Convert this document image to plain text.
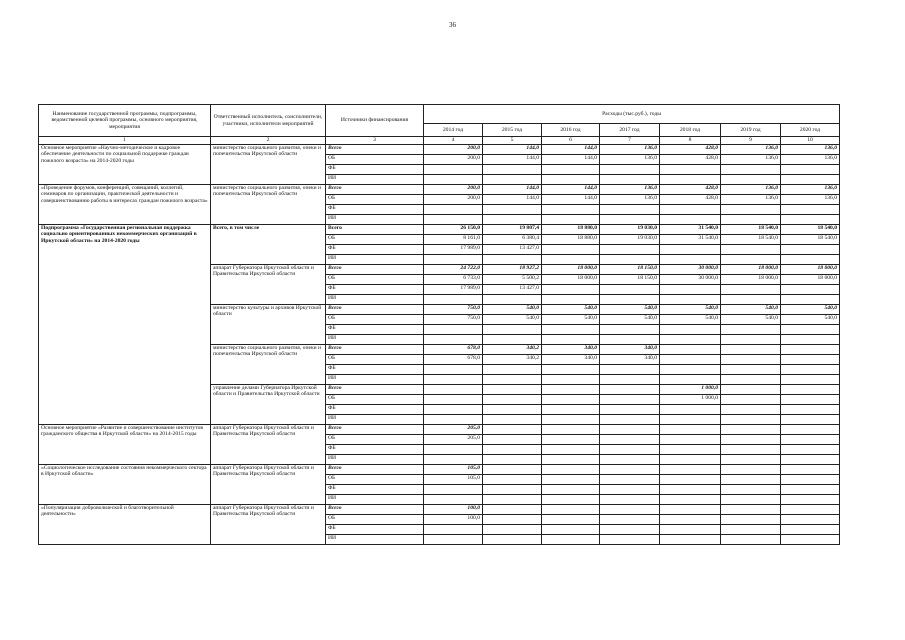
36
Наименование государственной программы, подпрограммы, ведомственной целевой программы, основного мероприятия, мероприятия	Ответственный исполнитель, соисполнители, участники, исполнители мероприятий	Источники финансирования	Расходы (тыс.руб.), годы						
			2014 год	2015 год	2016 год	2017 год	2018 год	2019 год	2020 год
1	2	3	4	5	6	7	8	9	10
Основное мероприятие «Научно-методическое и кадровое обеспечение деятельности по социальной поддержке граждан пожилого возраста» на 2014-2020 годы	министерство социального развития, опеки и попечительства Иркутской области	Всего	200,0	144,0	144,0	136,0	428,0	136,0	136,0
		ОБ	200,0	144,0	144,0	136,0	428,0	136,0	136,0
		ФБ							
		ИИ							
«Проведение форумов, конференций, совещаний, коллегий, семинаров по организации, практической деятельности и совершенствованию работы в интересах граждан пожилого возраста»	министерство социального развития, опеки и попечительства Иркутской области	Всего	200,0	144,0	144,0	136,0	428,0	136,0	136,0
		ОБ	200,0	144,0	144,0	136,0	428,0	136,0	136,0
		ФБ							
		ИИ							
Подпрограмма «Государственная региональная поддержка социально ориентированных некоммерческих организаций в Иркутской области» на 2014-2020 годы	Всего, в том числе	Всего	26 150,0	19 807,4	18 880,0	19 030,0	31 540,0	18 540,0	18 540,0
		ОБ	8 161,0	6 380,4	18 880,0	19 030,0	31 540,0	18 540,0	18 540,0
		ФБ	17 989,0	13 427,0					
		ИИ							
	аппарат Губернатора Иркутской области и Правительства Иркутской области	Всего	24 722,0	18 927,2	18 000,0	18 150,0	30 000,0	18 000,0	18 000,0
		ОБ	6 733,0	5 500,2	18 000,0	18 150,0	30 000,0	18 000,0	18 000,0
		ФБ	17 989,0	13 427,0					
		ИИ							
	министерство культуры и архивов Иркутской области	Всего	750,0	540,0	540,0	540,0	540,0	540,0	540,0
		ОБ	750,0	540,0	540,0	540,0	540,0	540,0	540,0
		ФБ							
		ИИ							
	министерство социального развития, опеки и попечительства Иркутской области	Всего	678,0	340,2	340,0	340,0			
		ОБ	678,0	340,2	340,0	340,0			
		ФБ							
		ИИ							
	управление делами Губернатора Иркутской области и Правительства Иркутской области	Всего					1 000,0		
		ОБ					1 000,0		
		ФБ							
		ИИ							
Основное мероприятие «Развитие и совершенствование институтов гражданского общества в Иркутской области» на 2014-2015 годы	аппарат Губернатора Иркутской области и Правительства Иркутской области	Всего	205,0						
		ОБ	205,0						
		ФБ							
		ИИ							
«Социологическое исследование состояния некоммерческого сектора в Иркутской области»	аппарат Губернатора Иркутской области и Правительства Иркутской области	Всего	105,0						
		ОБ	105,0						
		ФБ							
		ИИ							
«Популяризация добровольческой и благотворительной деятельности»	аппарат Губернатора Иркутской области и Правительства Иркутской области	Всего	100,0						
		ОБ	100,0						
		ФБ							
		ИИ							
